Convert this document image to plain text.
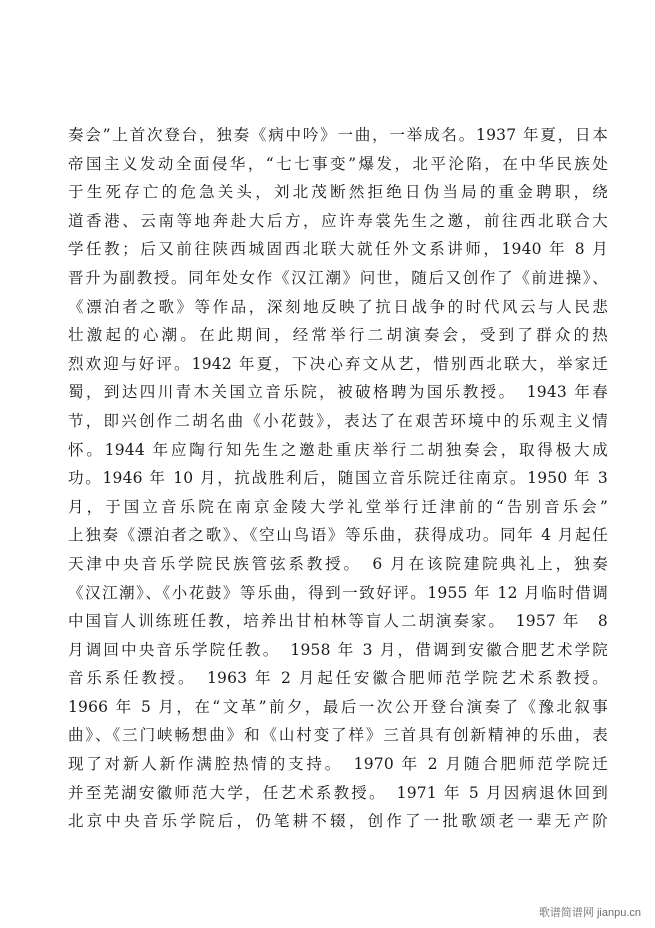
奏会”上首次登台，独奏《病中吟》一曲，一举成名。1937 年夏，日本
帝国主义发动全面侵华，“七七事变”爆发，北平沦陷，在中华民族处
于生死存亡的危急关头，刘北茂断然拒绝日伪当局的重金聘职，绕
道香港、云南等地奔赴大后方，应许寿裳先生之邀，前往西北联合大
学任教；后又前往陕西城固西北联大就任外文系讲师，1940 年 8 月
晋升为副教授。同年处女作《汉江潮》问世，随后又创作了《前进操》、
《漂泊者之歌》等作品，深刻地反映了抗日战争的时代风云与人民悲
壮激起的心潮。在此期间，经常举行二胡演奏会，受到了群众的热
烈欢迎与好评。1942 年夏，下决心弃文从艺，惜别西北联大，举家迁
蜀，到达四川青木关国立音乐院，被破格聘为国乐教授。　1943 年春
节，即兴创作二胡名曲《小花鼓》，表达了在艰苦环境中的乐观主义情
怀。1944 年应陶行知先生之邀赴重庆举行二胡独奏会，取得极大成
功。1946 年 10 月，抗战胜利后，随国立音乐院迁往南京。1950 年 3
月，于国立音乐院在南京金陵大学礼堂举行迁津前的“告别音乐会”
上独奏《漂泊者之歌》、《空山鸟语》等乐曲，获得成功。同年 4 月起任
天津中央音乐学院民族管弦系教授。　6 月在该院建院典礼上，独奏
《汉江潮》、《小花鼓》等乐曲，得到一致好评。1955 年 12 月临时借调
中国盲人训练班任教，培养出甘柏林等盲人二胡演奏家。　1957 年　8
月调回中央音乐学院任教。　1958 年 3 月，借调到安徽合肥艺术学院
音乐系任教授。　1963 年 2 月起任安徽合肥师范学院艺术系教授。
1966 年 5 月，在“文革”前夕，最后一次公开登台演奏了《豫北叙事
曲》、《三门峡畅想曲》和《山村变了样》三首具有创新精神的乐曲，表
现了对新人新作满腔热情的支持。　1970 年 2 月随合肥师范学院迁
并至芜湖安徽师范大学，任艺术系教授。　1971 年 5 月因病退休回到
北京中央音乐学院后，仍笔耕不辍，创作了一批歌颂老一辈无产阶
歌谱简谱网 jianpu.cn
